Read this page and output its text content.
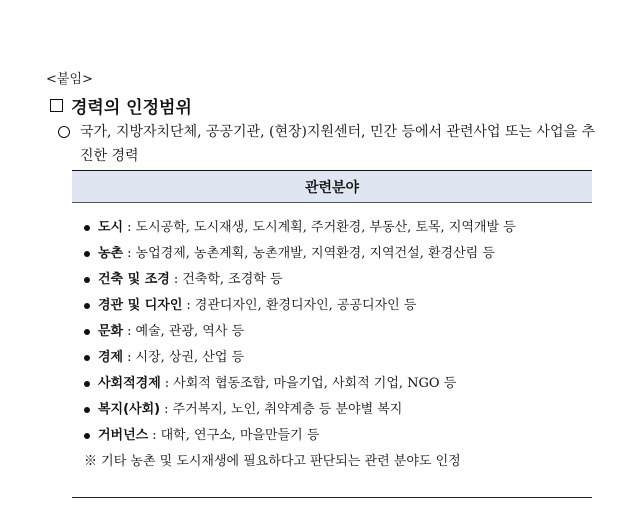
<붙임>
경력의 인정범위
국가, 지방자치단체, 공공기관, (현장)지원센터, 민간 등에서 관련사업 또는 사업을 추진한 경력
관련분야
도시 : 도시공학, 도시재생, 도시계획, 주거환경, 부동산, 토목, 지역개발 등
농촌 : 농업경제, 농촌계획, 농촌개발, 지역환경, 지역건설, 환경산림 등
건축 및 조경 : 건축학, 조경학 등
경관 및 디자인 : 경관디자인, 환경디자인, 공공디자인 등
문화 : 예술, 관광, 역사 등
경제 : 시장, 상권, 산업 등
사회적경제 : 사회적 협동조합, 마을기업, 사회적 기업, NGO 등
복지(사회) : 주거복지, 노인, 취약계층 등 분야별 복지
거버넌스 : 대학, 연구소, 마을만들기 등
※ 기타 농촌 및 도시재생에 필요하다고 판단되는 관련 분야도 인정
